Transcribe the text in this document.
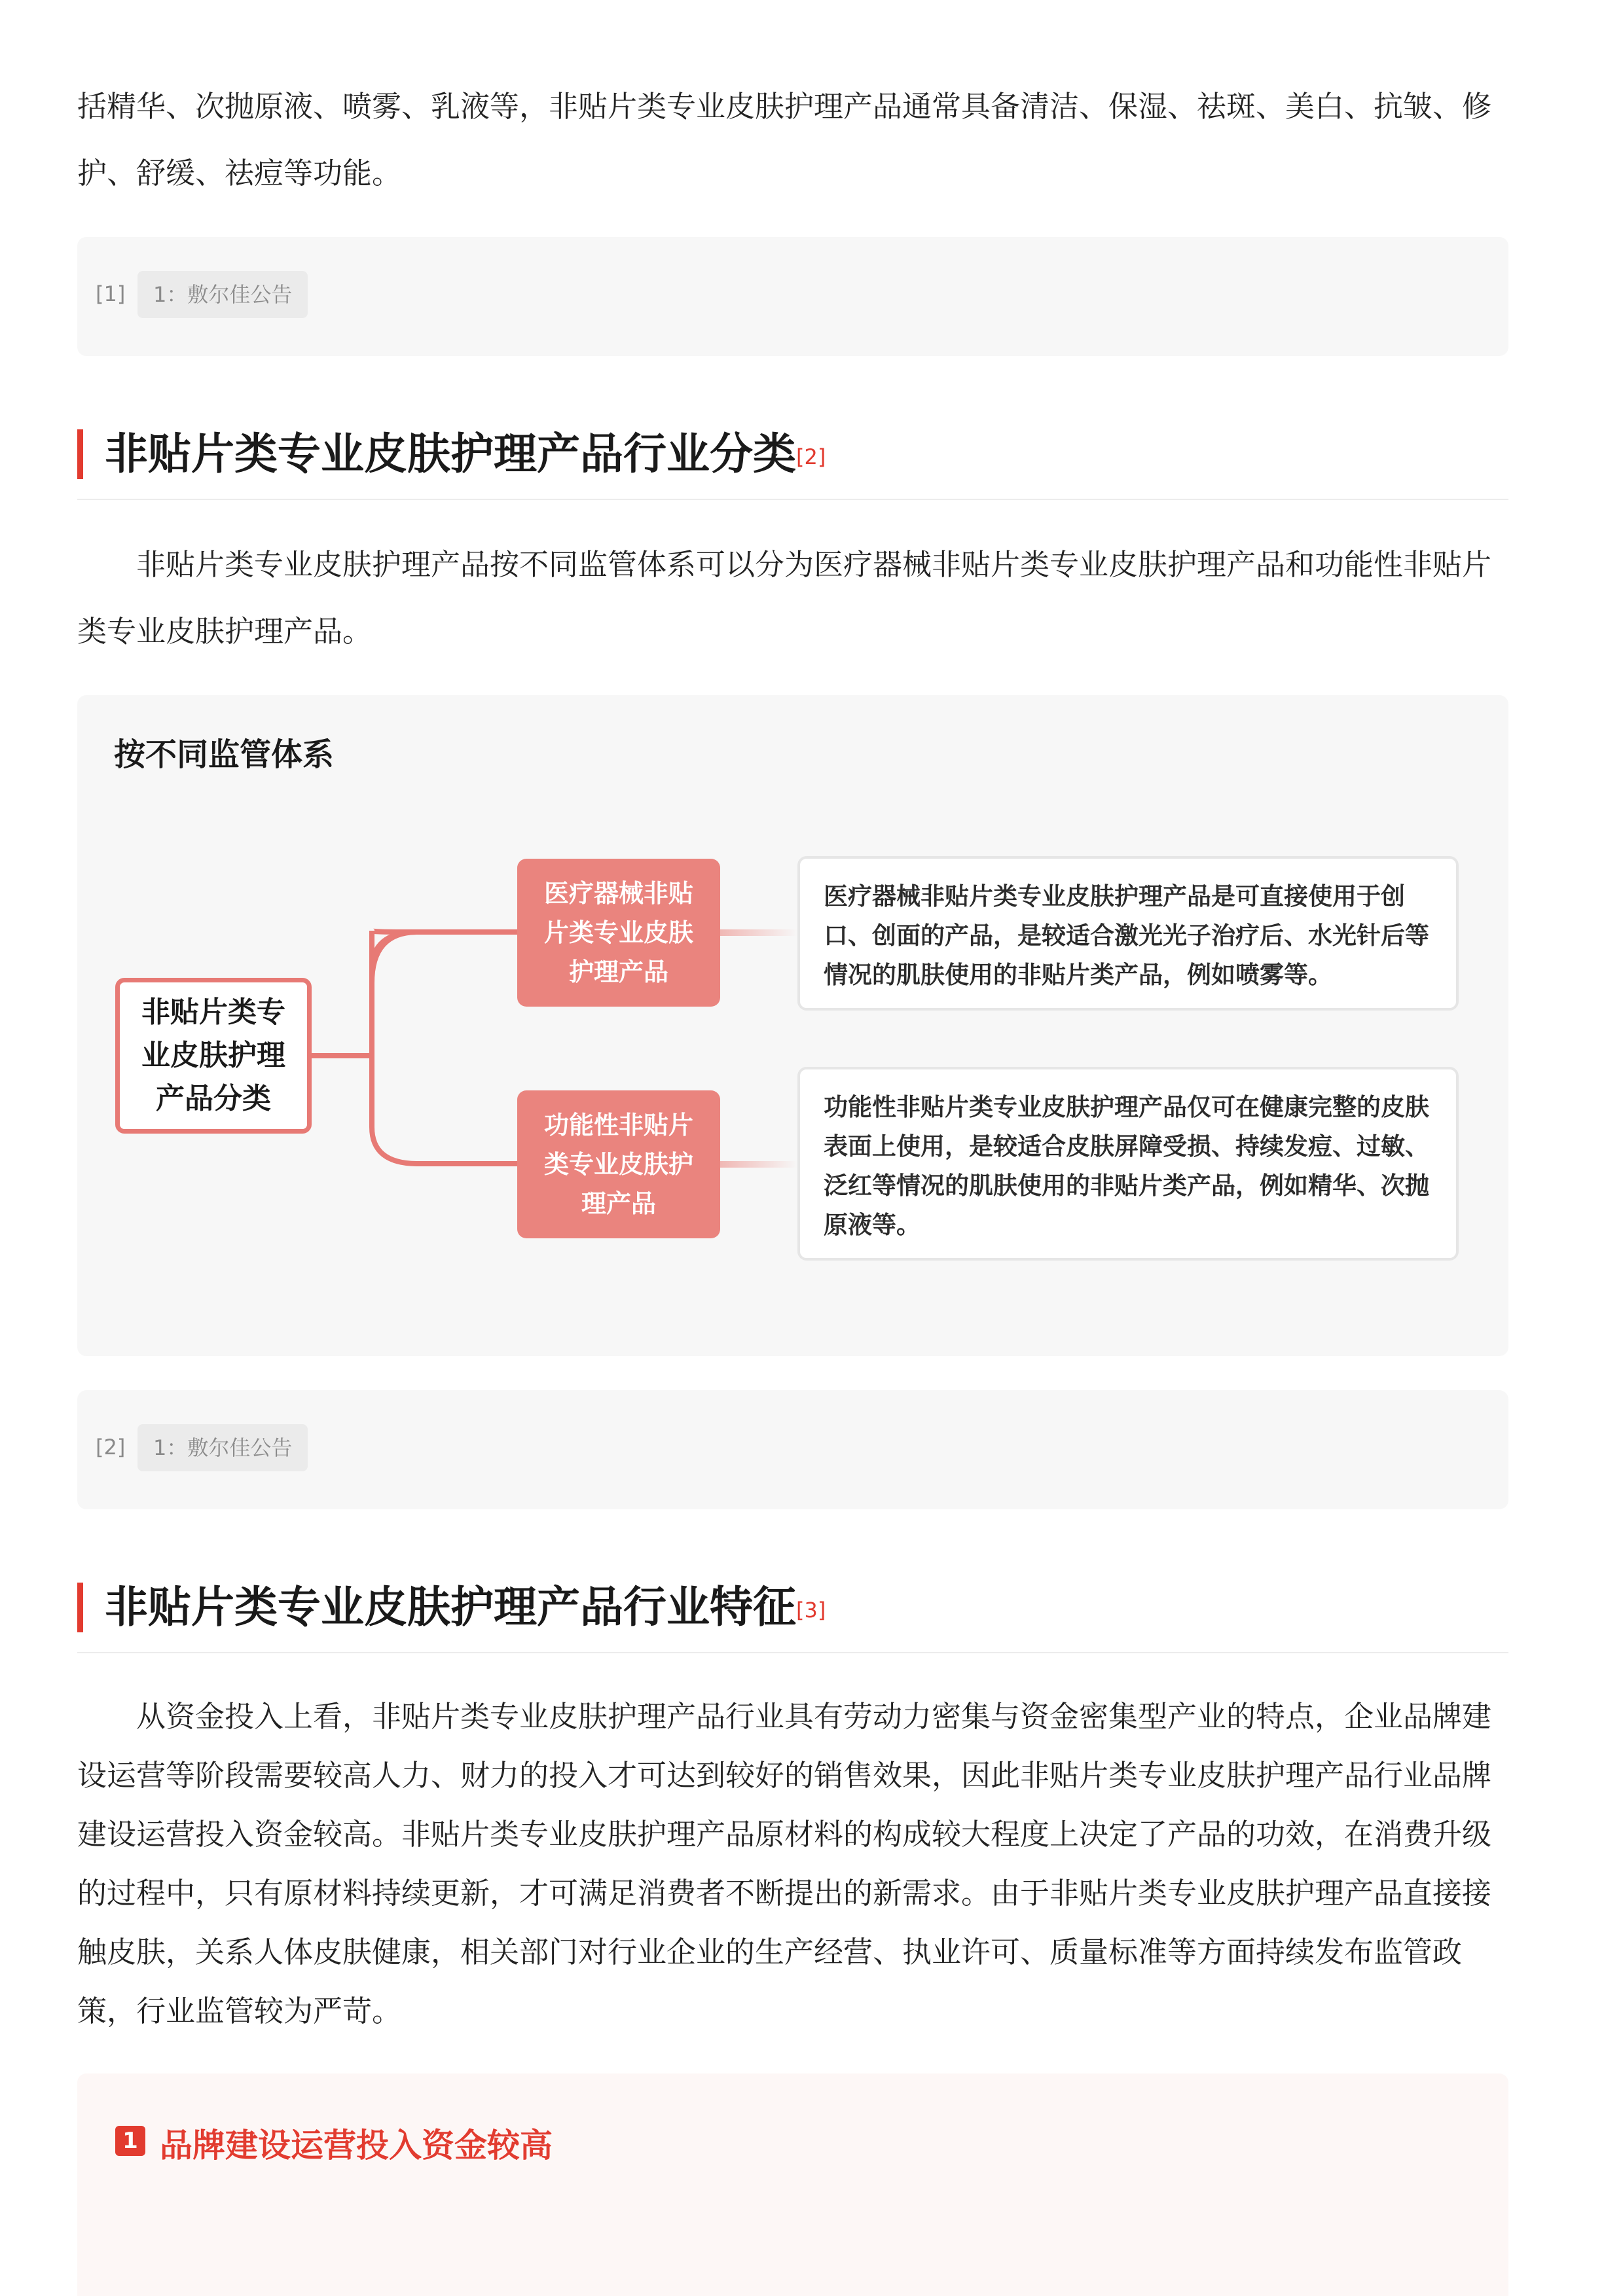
括精华、次抛原液、喷雾、乳液等，非贴片类专业皮肤护理产品通常具备清洁、保湿、祛斑、美白、抗皱、修
护、舒缓、祛痘等功能。
[1]	1：敷尔佳公告
非贴片类专业皮肤护理产品行业分类[2]

非贴片类专业皮肤护理产品按不同监管体系可以分为医疗器械非贴片类专业皮肤护理产品和功能性非贴片类专业皮肤护理产品。

按不同监管体系
非贴片类专业皮肤护理产品分类
医疗器械非贴片类专业皮肤护理产品
功能性非贴片类专业皮肤护理产品
医疗器械非贴片类专业皮肤护理产品是可直接使用于创口、创面的产品，是较适合激光光子治疗后、水光针后等情况的肌肤使用的非贴片类产品，例如喷雾等。
功能性非贴片类专业皮肤护理产品仅可在健康完整的皮肤表面上使用，是较适合皮肤屏障受损、持续发痘、过敏、泛红等情况的肌肤使用的非贴片类产品，例如精华、次抛原液等。
[2]	1：敷尔佳公告
非贴片类专业皮肤护理产品行业特征[3]

从资金投入上看，非贴片类专业皮肤护理产品行业具有劳动力密集与资金密集型产业的特点，企业品牌建设运营等阶段需要较高人力、财力的投入才可达到较好的销售效果，因此非贴片类专业皮肤护理产品行业品牌建设运营投入资金较高。非贴片类专业皮肤护理产品原材料的构成较大程度上决定了产品的功效，在消费升级的过程中，只有原材料持续更新，才可满足消费者不断提出的新需求。由于非贴片类专业皮肤护理产品直接接触皮肤，关系人体皮肤健康，相关部门对行业企业的生产经营、执业许可、质量标准等方面持续发布监管政策，行业监管较为严苛。

1 品牌建设运营投入资金较高
